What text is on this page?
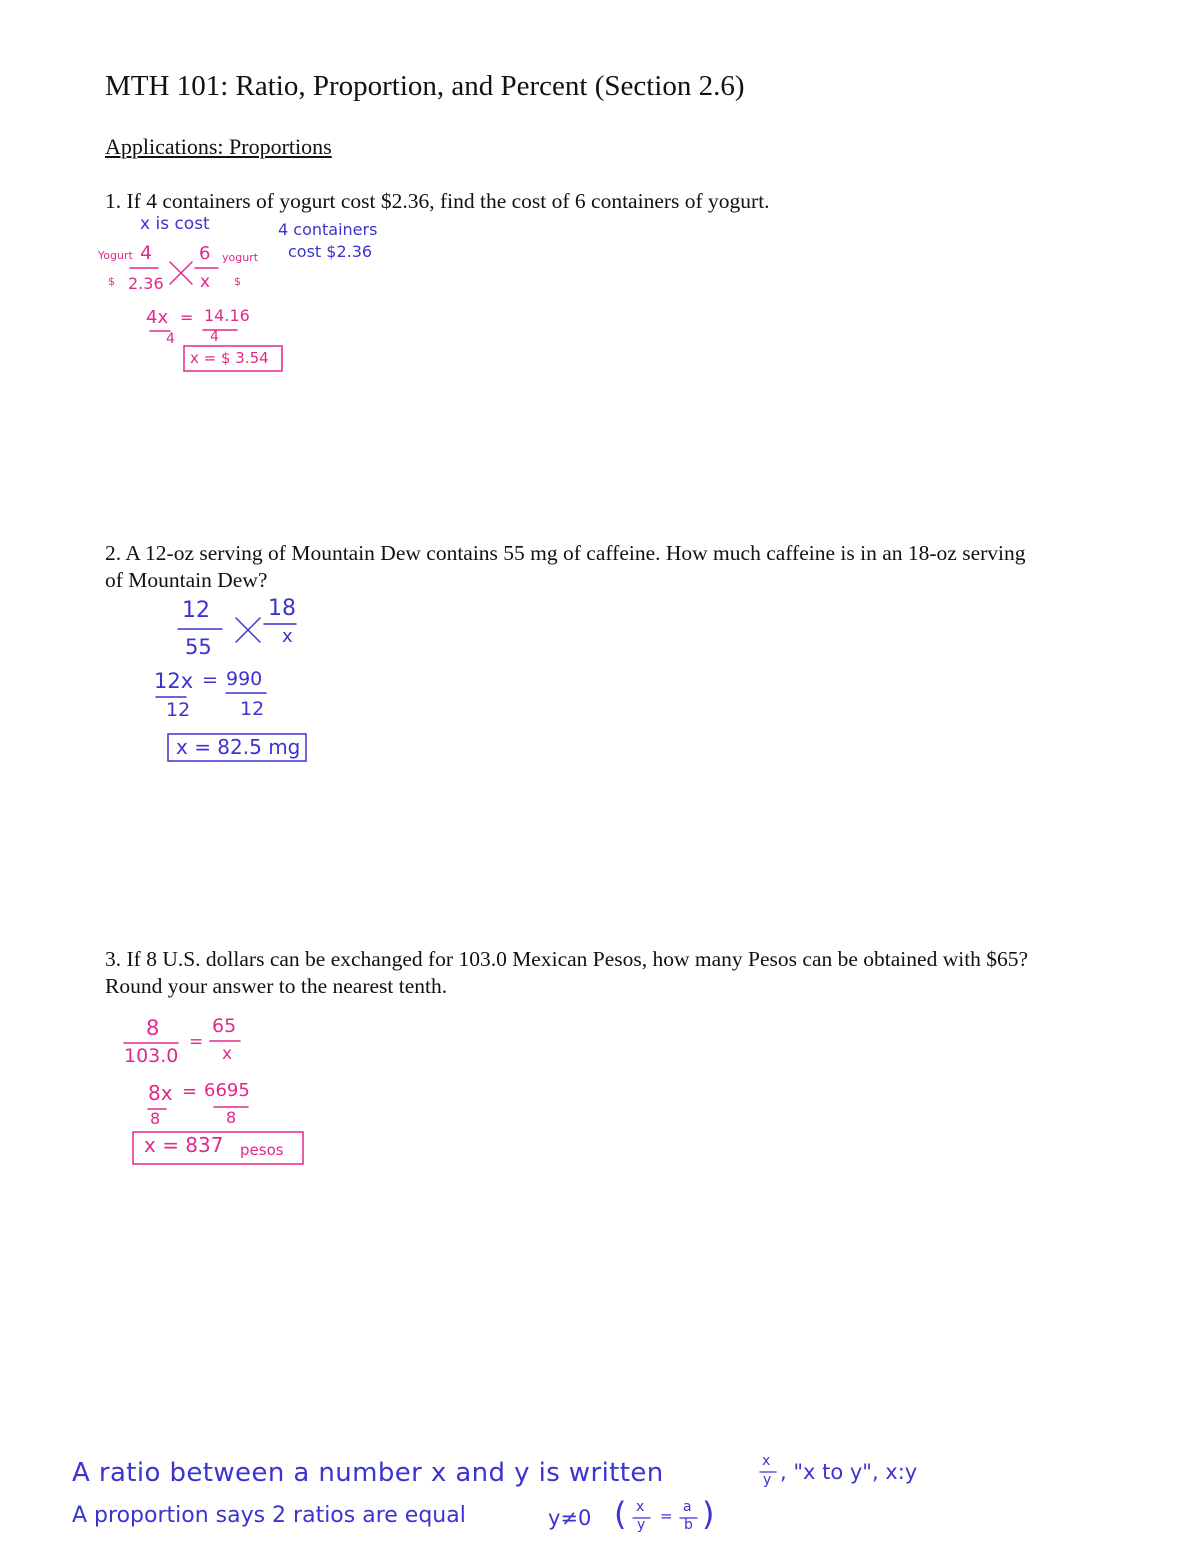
MTH 101: Ratio, Proportion, and Percent (Section 2.6)
Applications: Proportions
1. If 4 containers of yogurt cost $2.36, find the cost of 6 containers of yogurt.
x is cost	4 containers
cost $2.36
Yogurt 4
$ 2.36
6 yogurt
x $
4x = 14.16
4	4
x = $ 3.54
2. A 12-oz serving of Mountain Dew contains 55 mg of caffeine. How much caffeine is in an 18-oz serving
of Mountain Dew?
12
55
18
x
12x = 990
12	12
x = 82.5 mg
3. If 8 U.S. dollars can be exchanged for 103.0 Mexican Pesos, how many Pesos can be obtained with $65?
Round your answer to the nearest tenth.
8
103.0
=
65
x
8x = 6695
8	8
x = 837 pesos
A ratio between a number x and y is written	x
y , "x to y", x:y
A proportion says 2 ratios are equal	y≠0 ( x
y = a
b )
